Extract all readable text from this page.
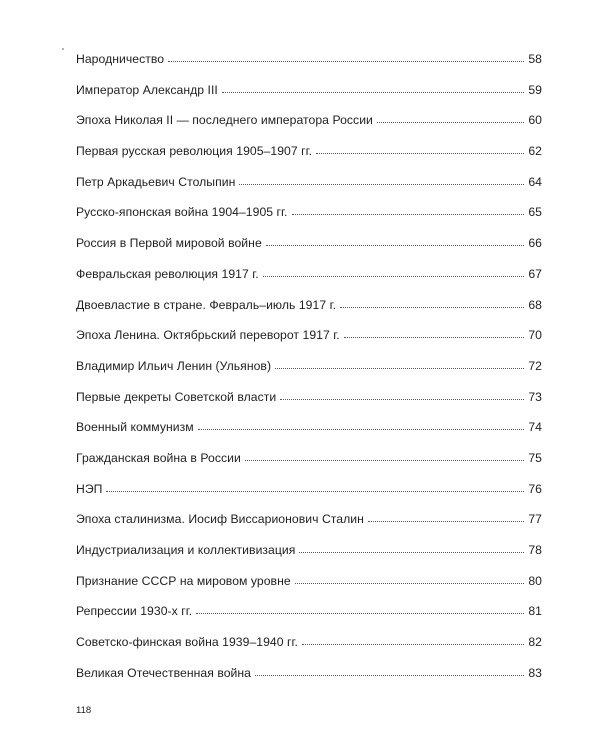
Народничество	58
Император Александр III	59
Эпоха Николая II — последнего императора России	60
Первая русская революция 1905–1907 гг.	62
Петр Аркадьевич Столыпин	64
Русско-японская война 1904–1905 гг.	65
Россия в Первой мировой войне	66
Февральская революция 1917 г.	67
Двоевластие в стране. Февраль–июль 1917 г.	68
Эпоха Ленина. Октябрьский переворот 1917 г.	70
Владимир Ильич Ленин (Ульянов)	72
Первые декреты Советской власти	73
Военный коммунизм	74
Гражданская война в России	75
НЭП	76
Эпоха сталинизма. Иосиф Виссарионович Сталин	77
Индустриализация и коллективизация	78
Признание СССР на мировом уровне	80
Репрессии 1930-х гг.	81
Советско-финская война 1939–1940 гг.	82
Великая Отечественная война	83
118
